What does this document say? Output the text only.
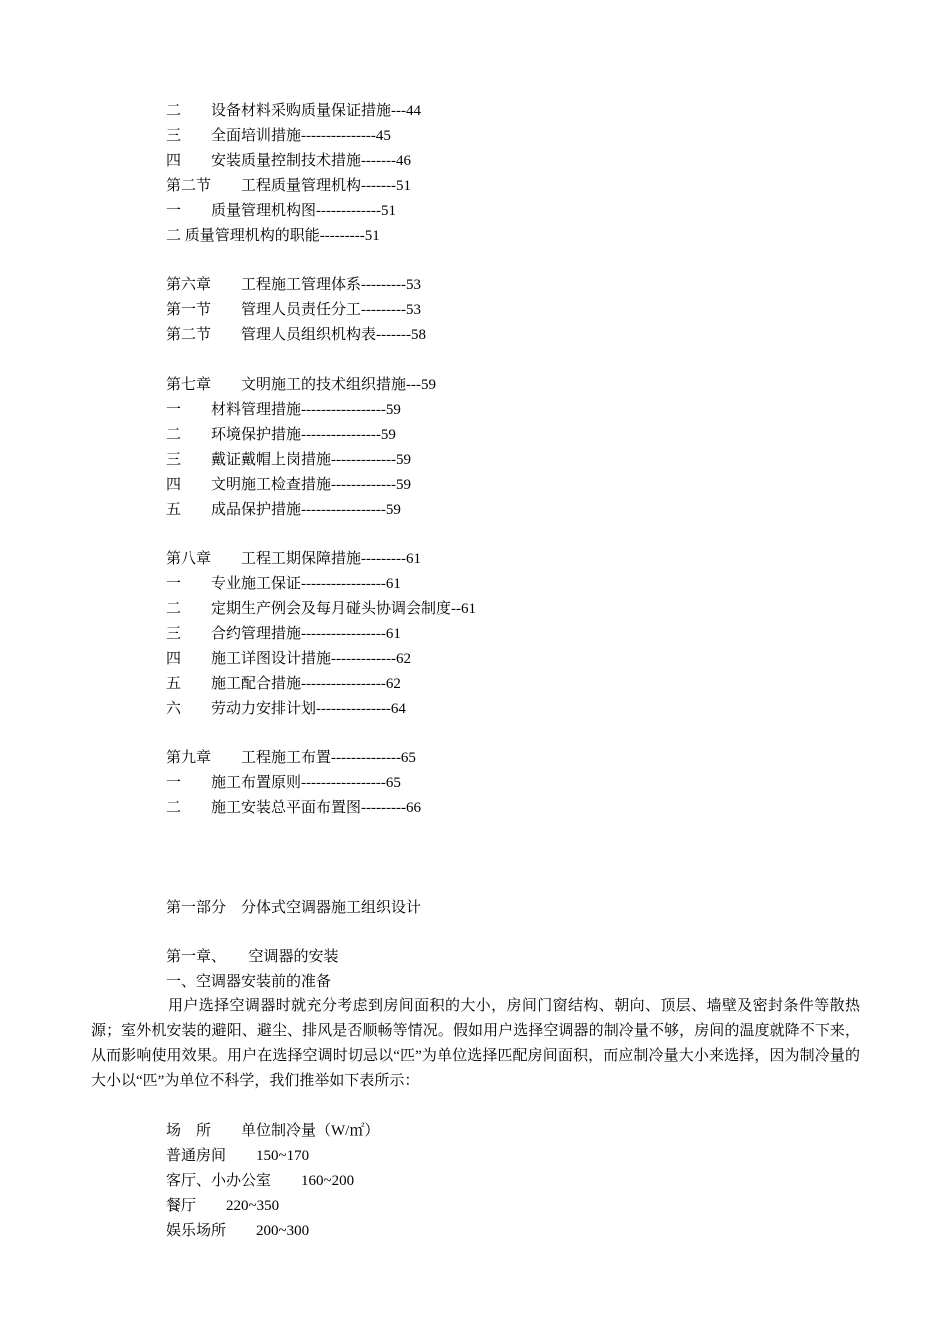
二　　设备材料采购质量保证措施---44
三　　全面培训措施---------------45
四　　安装质量控制技术措施-------46
第二节　　工程质量管理机构-------51
一　　质量管理机构图-------------51
二 质量管理机构的职能---------51
第六章　　工程施工管理体系---------53
第一节　　管理人员责任分工---------53
第二节　　管理人员组织机构表-------58
第七章　　文明施工的技术组织措施---59
一　　材料管理措施-----------------59
二　　环境保护措施----------------59
三　　戴证戴帽上岗措施-------------59
四　　文明施工检查措施-------------59
五　　成品保护措施-----------------59
第八章　　工程工期保障措施---------61
一　　专业施工保证-----------------61
二　　定期生产例会及每月碰头协调会制度--61
三　　合约管理措施-----------------61
四　　施工详图设计措施-------------62
五　　施工配合措施-----------------62
六　　劳动力安排计划---------------64
第九章　　工程施工布置--------------65
一　　施工布置原则-----------------65
二　　施工安装总平面布置图---------66
第一部分　分体式空调器施工组织设计
第一章、　　空调器的安装
一、空调器安装前的准备
用户选择空调器时就充分考虑到房间面积的大小，房间门窗结构、朝向、顶层、墙壁及密封条件等散热源；室外机安装的避阳、避尘、排风是否顺畅等情况。假如用户选择空调器的制冷量不够，房间的温度就降不下来，从而影响使用效果。用户在选择空调时切忌以“匹”为单位选择匹配房间面积，而应制冷量大小来选择，因为制冷量的大小以“匹”为单位不科学，我们推举如下表所示：
场　所　　单位制冷量（W/㎡）
普通房间　　150~170
客厅、小办公室　　160~200
餐厅　　220~350
娱乐场所　　200~300
